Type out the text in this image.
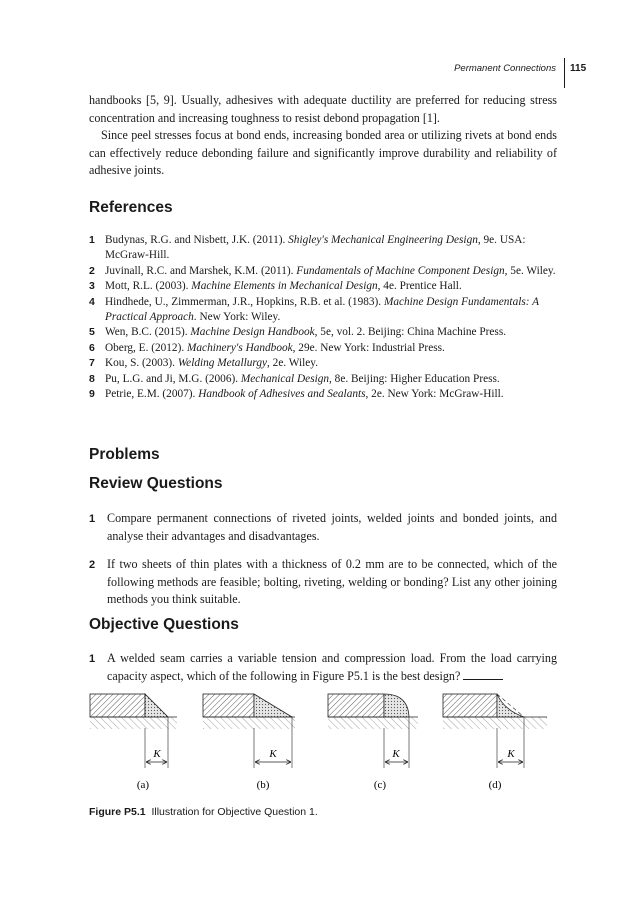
Permanent Connections 115

handbooks [5, 9]. Usually, adhesives with adequate ductility are preferred for reducing stress concentration and increasing toughness to resist debond propagation [1].

Since peel stresses focus at bond ends, increasing bonded area or utilizing rivets at bond ends can effectively reduce debonding failure and significantly improve durability and reliability of adhesive joints.

References
1 Budynas, R.G. and Nisbett, J.K. (2011). Shigley's Mechanical Engineering Design, 9e. USA: McGraw-Hill.
2 Juvinall, R.C. and Marshek, K.M. (2011). Fundamentals of Machine Component Design, 5e. Wiley.
3 Mott, R.L. (2003). Machine Elements in Mechanical Design, 4e. Prentice Hall.
4 Hindhede, U., Zimmerman, J.R., Hopkins, R.B. et al. (1983). Machine Design Fundamentals: A Practical Approach. New York: Wiley.
5 Wen, B.C. (2015). Machine Design Handbook, 5e, vol. 2. Beijing: China Machine Press.
6 Oberg, E. (2012). Machinery's Handbook, 29e. New York: Industrial Press.
7 Kou, S. (2003). Welding Metallurgy, 2e. Wiley.
8 Pu, L.G. and Ji, M.G. (2006). Mechanical Design, 8e. Beijing: Higher Education Press.
9 Petrie, E.M. (2007). Handbook of Adhesives and Sealants, 2e. New York: McGraw-Hill.
Problems
Review Questions
1 Compare permanent connections of riveted joints, welded joints and bonded joints, and analyse their advantages and disadvantages.
2 If two sheets of thin plates with a thickness of 0.2 mm are to be connected, which of the following methods are feasible; bolting, riveting, welding or bonding? List any other joining methods you think suitable.
Objective Questions
1 A welded seam carries a variable tension and compression load. From the load carrying capacity aspect, which of the following in Figure P5.1 is the best design?
K	K	K	K
(a)	(b)	(c)	(d)
Figure P5.1 Illustration for Objective Question 1.
